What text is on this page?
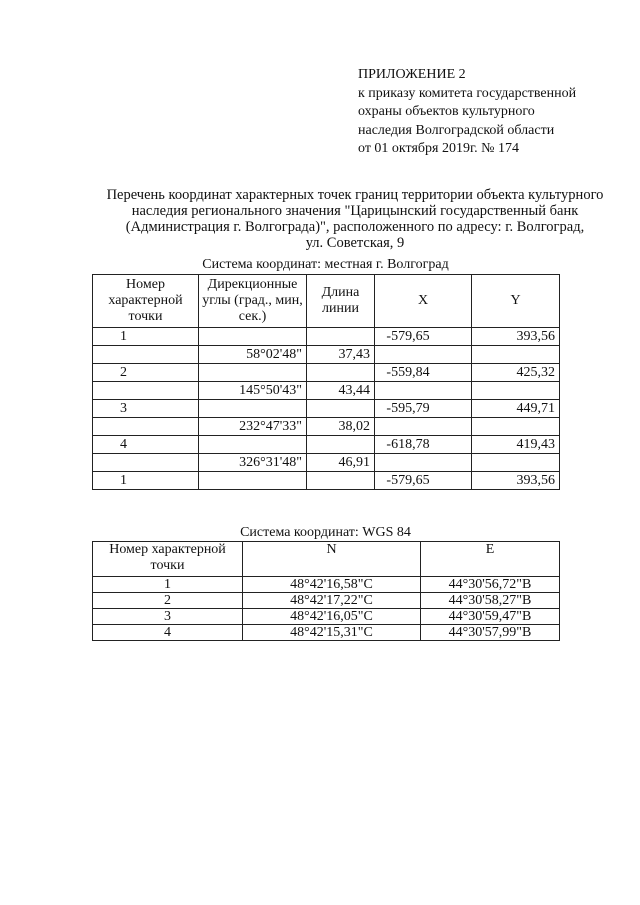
ПРИЛОЖЕНИЕ 2
к приказу комитета государственной
охраны объектов культурного
наследия Волгоградской области
от 01 октября 2019г. № 174
Перечень координат характерных точек границ территории объекта культурного
наследия регионального значения "Царицынский государственный банк
(Администрация г. Волгограда)", расположенного по адресу: г. Волгоград,
ул. Советская, 9
Система координат: местная г. Волгоград
Номер характерной точки	Дирекционные углы (град., мин, сек.)	Длина линии	X	Y
1			-579,65	393,56
	58°02'48"	37,43		
2			-559,84	425,32
	145°50'43"	43,44		
3			-595,79	449,71
	232°47'33"	38,02		
4			-618,78	419,43
	326°31'48"	46,91		
1			-579,65	393,56
Система координат: WGS 84
Номер характерной точки	N	E
1	48°42'16,58"С	44°30'56,72"В
2	48°42'17,22"С	44°30'58,27"В
3	48°42'16,05"С	44°30'59,47"В
4	48°42'15,31"С	44°30'57,99"В
